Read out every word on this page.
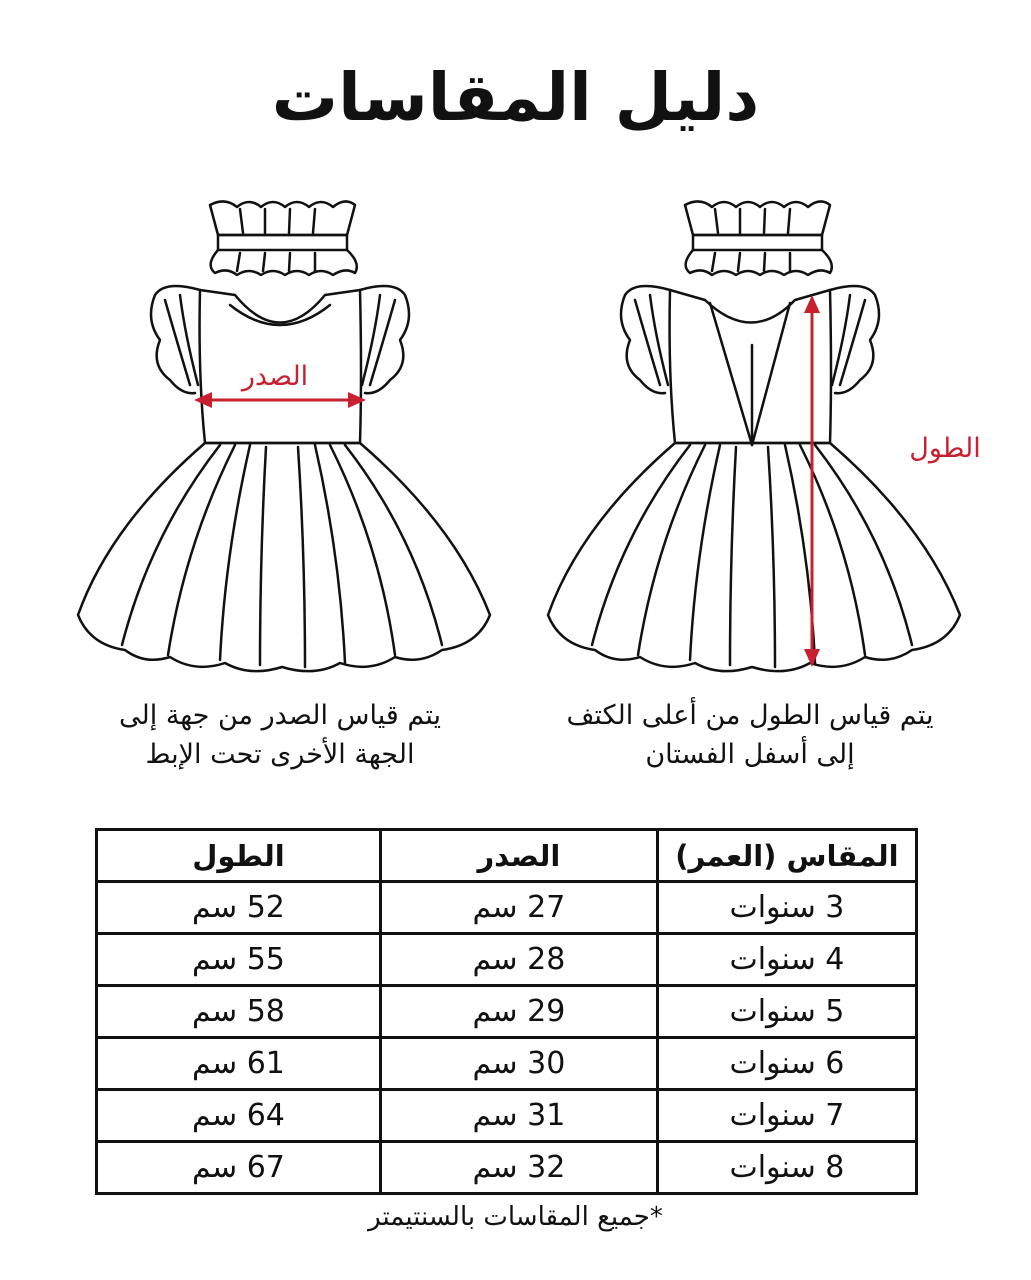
دليل المقاسات
الطول
الصدر
يتم قياس الطول من أعلى الكتف
إلى أسفل الفستان
يتم قياس الصدر من جهة إلى
الجهة الأخرى تحت الإبط
المقاس (العمر)	الصدر	الطول
3 سنوات	27 سم	52 سم
4 سنوات	28 سم	55 سم
5 سنوات	29 سم	58 سم
6 سنوات	30 سم	61 سم
7 سنوات	31 سم	64 سم
8 سنوات	32 سم	67 سم
*جميع المقاسات بالسنتيمتر
